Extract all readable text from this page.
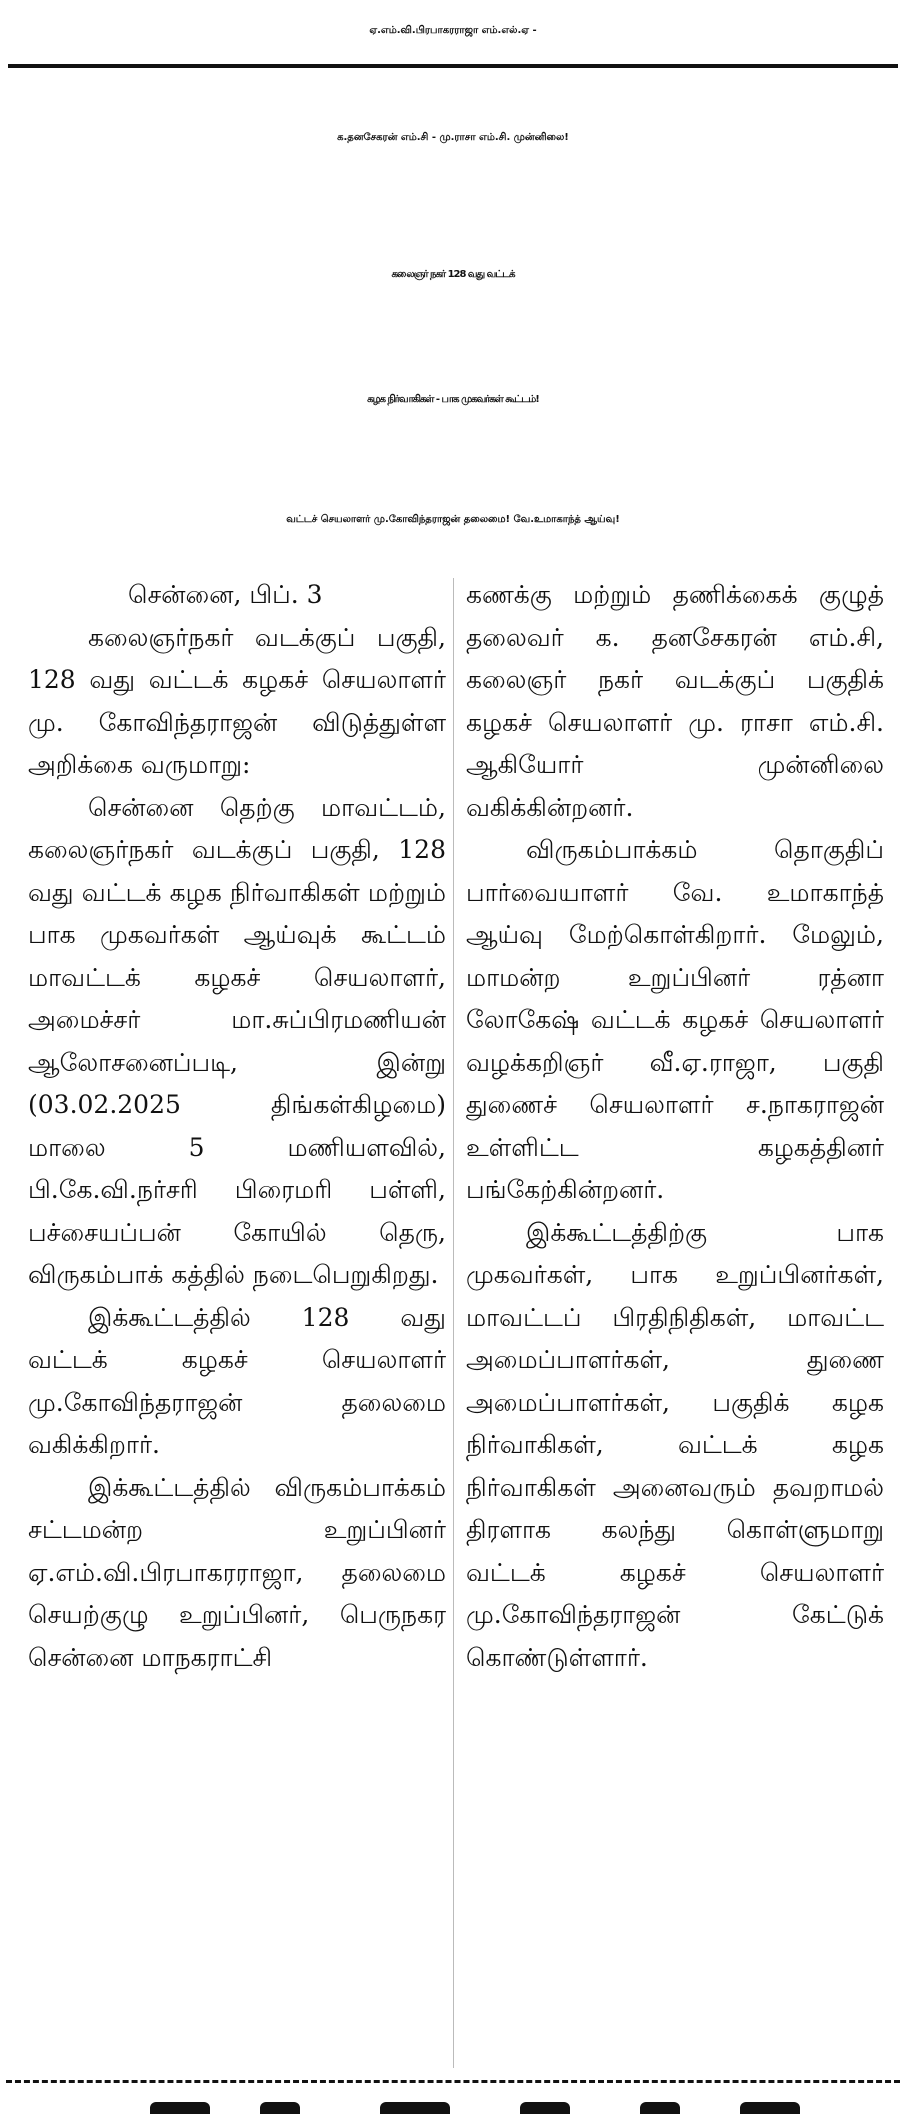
ஏ.எம்.வி.பிரபாகரராஜா எம்.எல்.ஏ -
க.தனசேகரன் எம்.சி - மு.ராசா எம்.சி. முன்னிலை!
கலைஞர் நகர் 128 வது வட்டக்
கழக நிர்வாகிகள் - பாக முகவர்கள் கூட்டம்!
வட்டச் செயலாளர் மு.கோவிந்தராஜன் தலைமை! வே.உமாகாந்த் ஆய்வு!

சென்னை, பிப். 3

கலைஞர்நகர் வடக்குப் பகுதி, 128 வது வட்டக் கழகச் செயலாளர் மு. கோவிந்தராஜன் விடுத்துள்ள அறிக்கை வருமாறு:

சென்னை தெற்கு மாவட்டம், கலைஞர்நகர் வடக்குப் பகுதி, 128 வது வட்டக் கழக நிர்வாகிகள் மற்றும் பாக முகவர்கள் ஆய்வுக் கூட்டம் மாவட்டக் கழகச் செயலாளர், அமைச்சர் மா.சுப்பிரமணியன் ஆலோசனைப்படி, இன்று (03.02.2025 திங்கள்கிழமை) மாலை 5 மணியளவில், பி.கே.வி.நர்சரி பிரைமரி பள்ளி, பச்சையப்பன் கோயில் தெரு, விருகம்பாக் கத்தில் நடைபெறுகிறது.

இக்கூட்டத்தில் 128 வது வட்டக் கழகச் செயலாளர் மு.கோவிந்தராஜன் தலைமை வகிக்கிறார்.

இக்கூட்டத்தில் விருகம்பாக்கம் சட்டமன்ற உறுப்பினர் ஏ.எம்.வி.பிரபாகரராஜா, தலைமை செயற்குழு உறுப்பினர், பெருநகர சென்னை மாநகராட்சி

கணக்கு மற்றும் தணிக்கைக் குழுத் தலைவர் க. தனசேகரன் எம்.சி, கலைஞர் நகர் வடக்குப் பகுதிக் கழகச் செயலாளர் மு. ராசா எம்.சி. ஆகியோர் முன்னிலை வகிக்கின்றனர்.

விருகம்பாக்கம் தொகுதிப் பார்வையாளர் வே. உமாகாந்த் ஆய்வு மேற்கொள்கிறார். மேலும், மாமன்ற உறுப்பினர் ரத்னா லோகேஷ் வட்டக் கழகச் செயலாளர் வழக்கறிஞர் வீ.ஏ.ராஜா, பகுதி துணைச் செயலாளர் ச.நாகராஜன் உள்ளிட்ட கழகத்தினர் பங்கேற்கின்றனர்.

இக்கூட்டத்திற்கு பாக முகவர்கள், பாக உறுப்பினர்கள், மாவட்டப் பிரதிநிதிகள், மாவட்ட அமைப்பாளர்கள், துணை அமைப்பாளர்கள், பகுதிக் கழக நிர்வாகிகள், வட்டக் கழக நிர்வாகிகள் அனைவரும் தவறாமல் திரளாக கலந்து கொள்ளுமாறு வட்டக் கழகச் செயலாளர் மு.கோவிந்தராஜன் கேட்டுக் கொண்டுள்ளார்.
